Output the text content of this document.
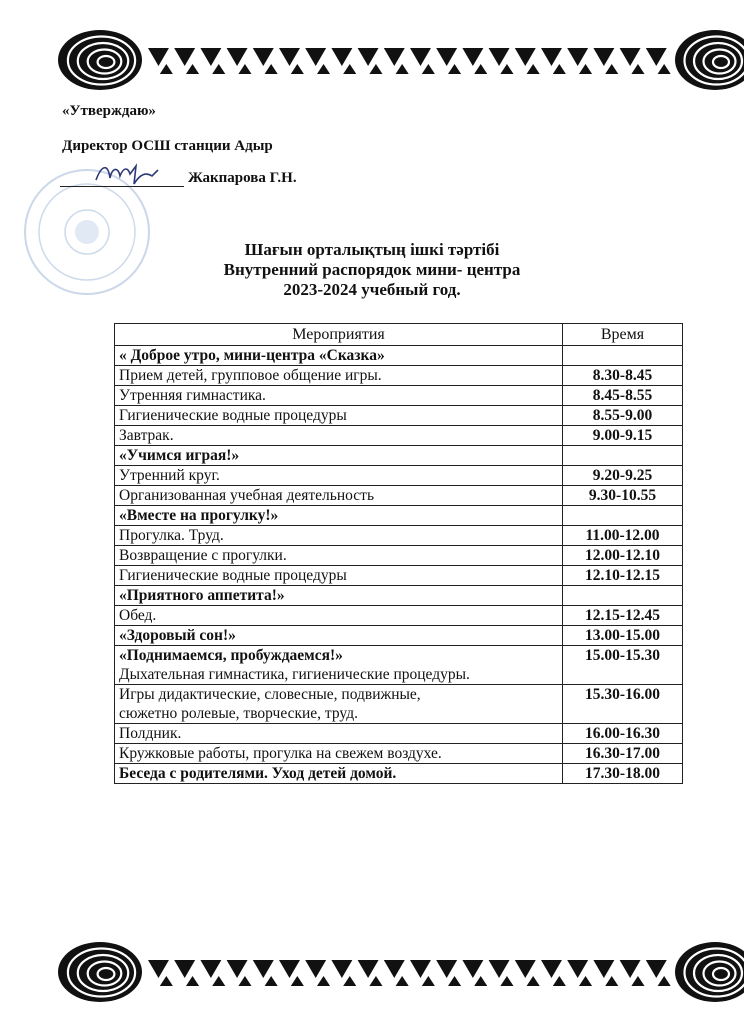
«Утверждаю»
Директор ОСШ станции Адыр
Жакпарова Г.Н.
Шағын орталықтың ішкі тәртібі
Внутренний распорядок мини- центра
2023-2024 учебный год.
Мероприятия	Время
« Доброе утро, мини-центра «Сказка»	
Прием детей, групповое общение игры.	8.30-8.45
Утренняя гимнастика.	8.45-8.55
Гигиенические водные процедуры	8.55-9.00
Завтрак.	9.00-9.15
«Учимся играя!»	
Утренний круг.	9.20-9.25
Организованная учебная деятельность	9.30-10.55
«Вместе на прогулку!»	
Прогулка. Труд.	11.00-12.00
Возвращение с прогулки.	12.00-12.10
Гигиенические водные процедуры	12.10-12.15
«Приятного аппетита!»	
Обед.	12.15-12.45
«Здоровый сон!»	13.00-15.00
«Поднимаемся, пробуждаемся!»
Дыхательная гимнастика, гигиенические процедуры.	15.00-15.30
Игры дидактические, словесные, подвижные,
сюжетно ролевые, творческие, труд.	15.30-16.00
Полдник.	16.00-16.30
Кружковые работы, прогулка на свежем воздухе.	16.30-17.00
Беседа с родителями. Уход детей домой.	17.30-18.00
